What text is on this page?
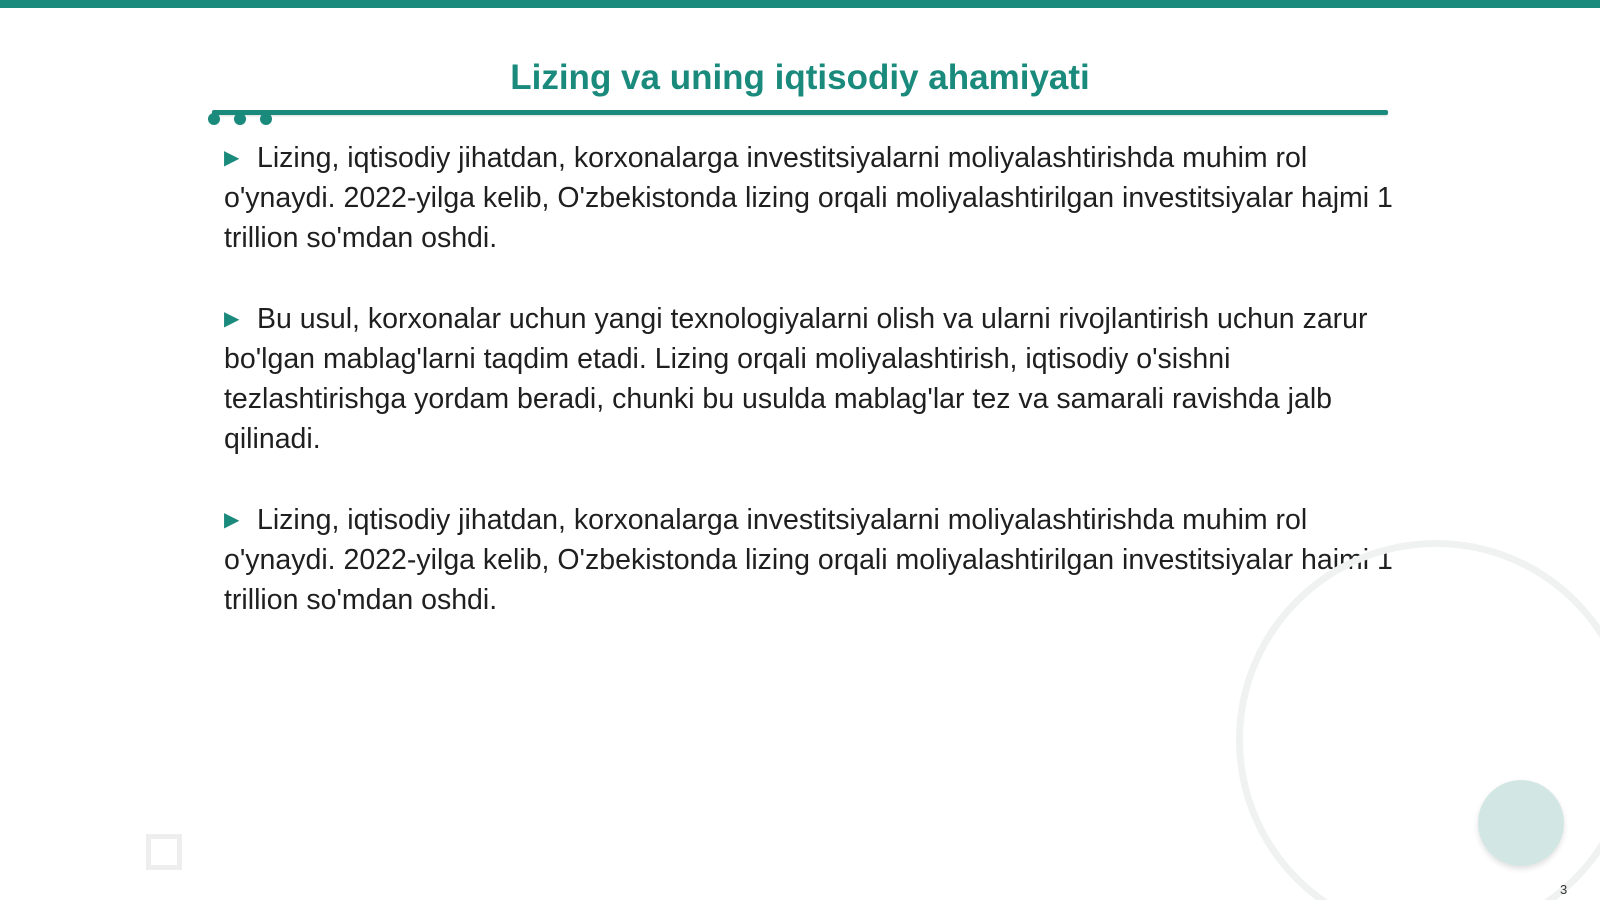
Lizing va uning iqtisodiy ahamiyati

▶ Lizing, iqtisodiy jihatdan, korxonalarga investitsiyalarni moliyalashtirishda muhim rol o'ynaydi. 2022-yilga kelib, O'zbekistonda lizing orqali moliyalashtirilgan investitsiyalar hajmi 1 trillion so'mdan oshdi.

▶ Bu usul, korxonalar uchun yangi texnologiyalarni olish va ularni rivojlantirish uchun zarur bo'lgan mablag'larni taqdim etadi. Lizing orqali moliyalashtirish, iqtisodiy o'sishni tezlashtirishga yordam beradi, chunki bu usulda mablag'lar tez va samarali ravishda jalb qilinadi.

▶ Lizing, iqtisodiy jihatdan, korxonalarga investitsiyalarni moliyalashtirishda muhim rol o'ynaydi. 2022-yilga kelib, O'zbekistonda lizing orqali moliyalashtirilgan investitsiyalar hajmi 1 trillion so'mdan oshdi.

3
